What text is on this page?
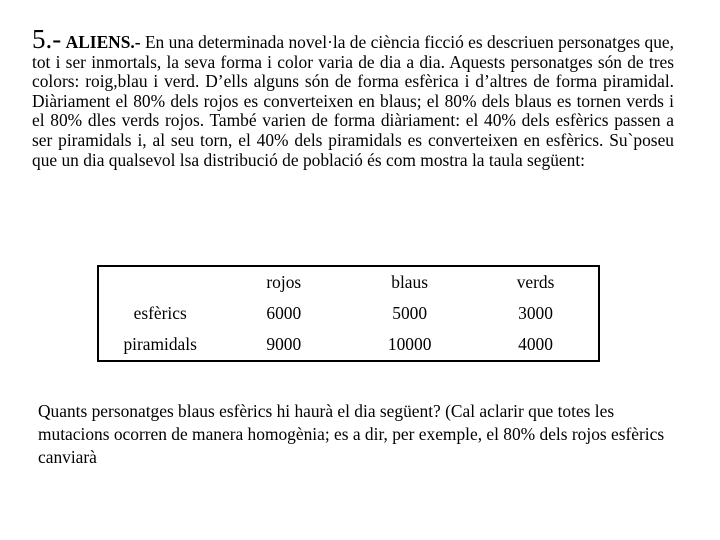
5.- ALIENS.- En una determinada novel·la de ciència ficció es descriuen personatges que, tot i ser inmortals, la seva forma i color varia de dia a dia. Aquests personatges són de tres colors: roig,blau i verd. D’ells alguns són de forma esfèrica i d’altres de forma piramidal. Diàriament el 80% dels rojos es converteixen en blaus; el 80% dels blaus es tornen verds i el 80% dles verds rojos. També varien de forma diàriament: el 40% dels esfèrics passen a ser piramidals i, al seu torn, el 40% dels piramidals es converteixen en esfèrics. Su`poseu que un dia qualsevol lsa distribució de població és com mostra la taula següent:

	rojos	blaus	verds
esfèrics	6000	5000	3000
piramidals	9000	10000	4000

Quants personatges blaus esfèrics hi haurà el dia següent? (Cal aclarir que totes les mutacions ocorren de manera homogènia; es a dir, per exemple, el 80% dels rojos esfèrics canviarà
